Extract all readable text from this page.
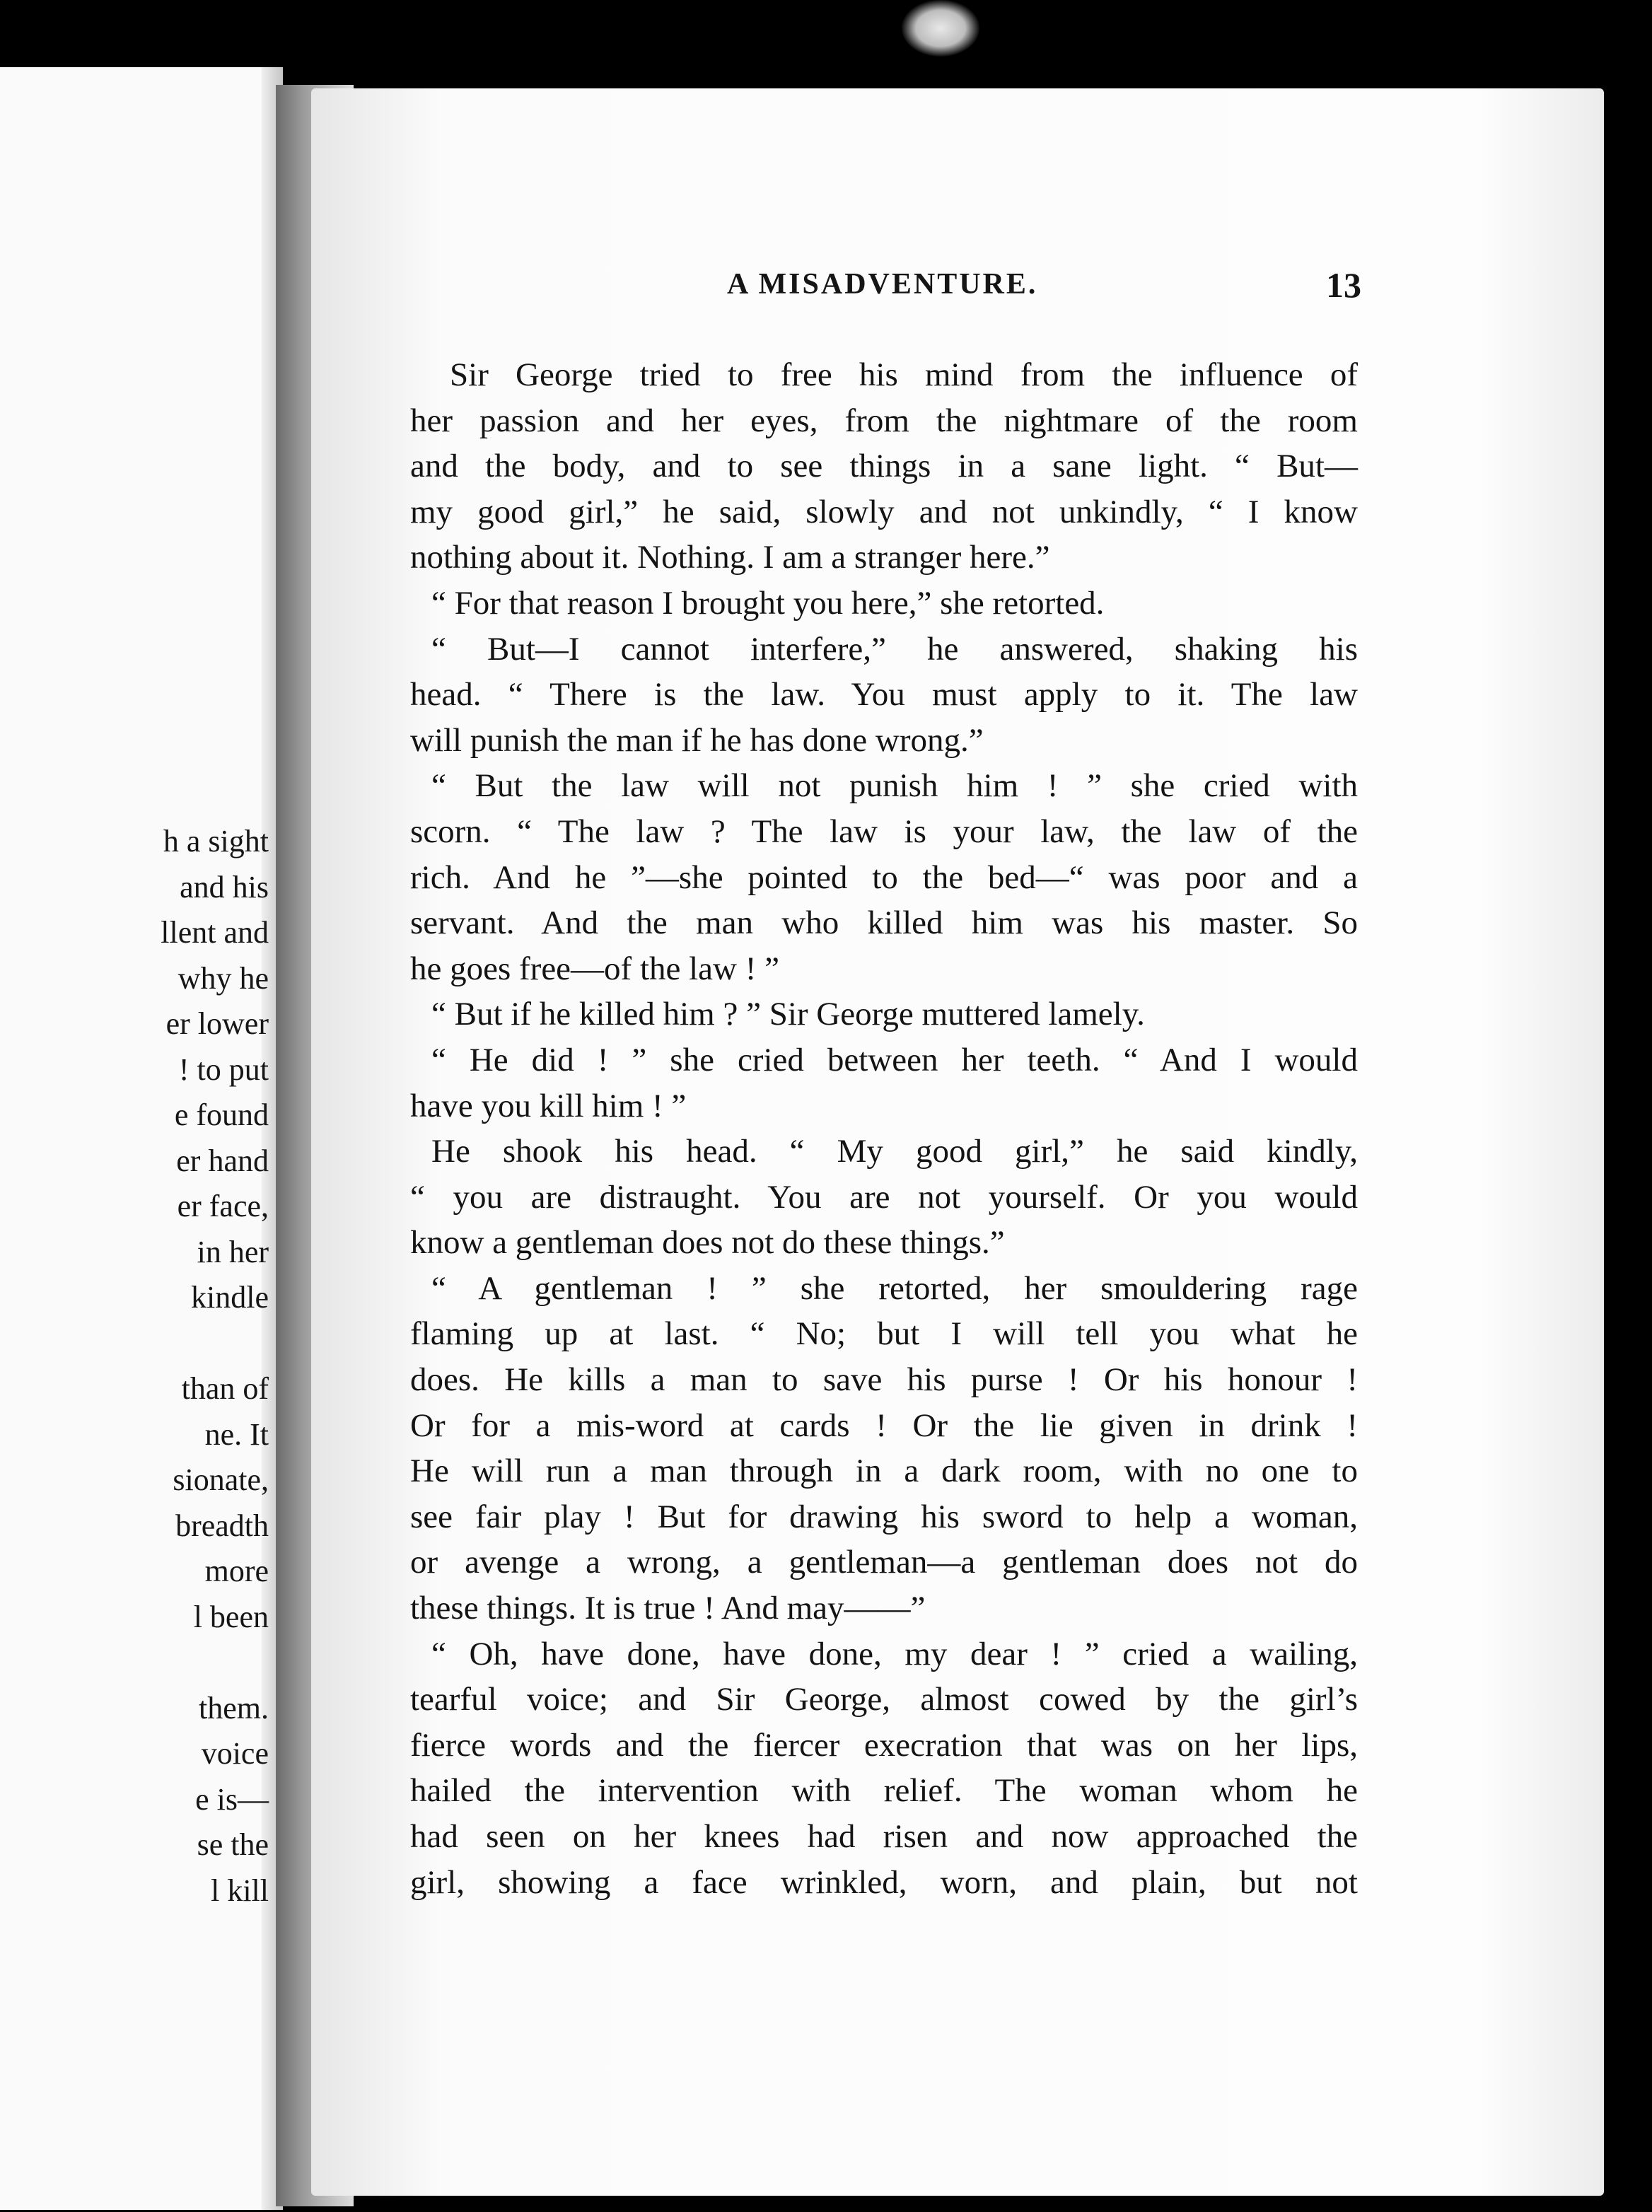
h a sight
and his
llent and
why he
er lower
! to put
e found
er hand
er face,
in her
kindle
than of
ne. It
sionate,
breadth
more
l been
them.
voice
e is—
se the
l kill
A MISADVENTURE.	13
Sir George tried to free his mind from the influence of
her passion and her eyes, from the nightmare of the room
and the body, and to see things in a sane light. “ But—
my good girl,” he said, slowly and not unkindly, “ I know
nothing about it. Nothing. I am a stranger here.”
“ For that reason I brought you here,” she retorted.
“ But—I cannot interfere,” he answered, shaking his
head. “ There is the law. You must apply to it. The law
will punish the man if he has done wrong.”
“ But the law will not punish him ! ” she cried with
scorn. “ The law ? The law is your law, the law of the
rich. And he ”—she pointed to the bed—“ was poor and a
servant. And the man who killed him was his master. So
he goes free—of the law ! ”
“ But if he killed him ? ” Sir George muttered lamely.
“ He did ! ” she cried between her teeth. “ And I would
have you kill him ! ”
He shook his head. “ My good girl,” he said kindly,
“ you are distraught. You are not yourself. Or you would
know a gentleman does not do these things.”
“ A gentleman ! ” she retorted, her smouldering rage
flaming up at last. “ No; but I will tell you what he
does. He kills a man to save his purse ! Or his honour !
Or for a mis-word at cards ! Or the lie given in drink !
He will run a man through in a dark room, with no one to
see fair play ! But for drawing his sword to help a woman,
or avenge a wrong, a gentleman—a gentleman does not do
these things. It is true ! And may——”
“ Oh, have done, have done, my dear ! ” cried a wailing,
tearful voice; and Sir George, almost cowed by the girl’s
fierce words and the fiercer execration that was on her lips,
hailed the intervention with relief. The woman whom he
had seen on her knees had risen and now approached the
girl, showing a face wrinkled, worn, and plain, but not
